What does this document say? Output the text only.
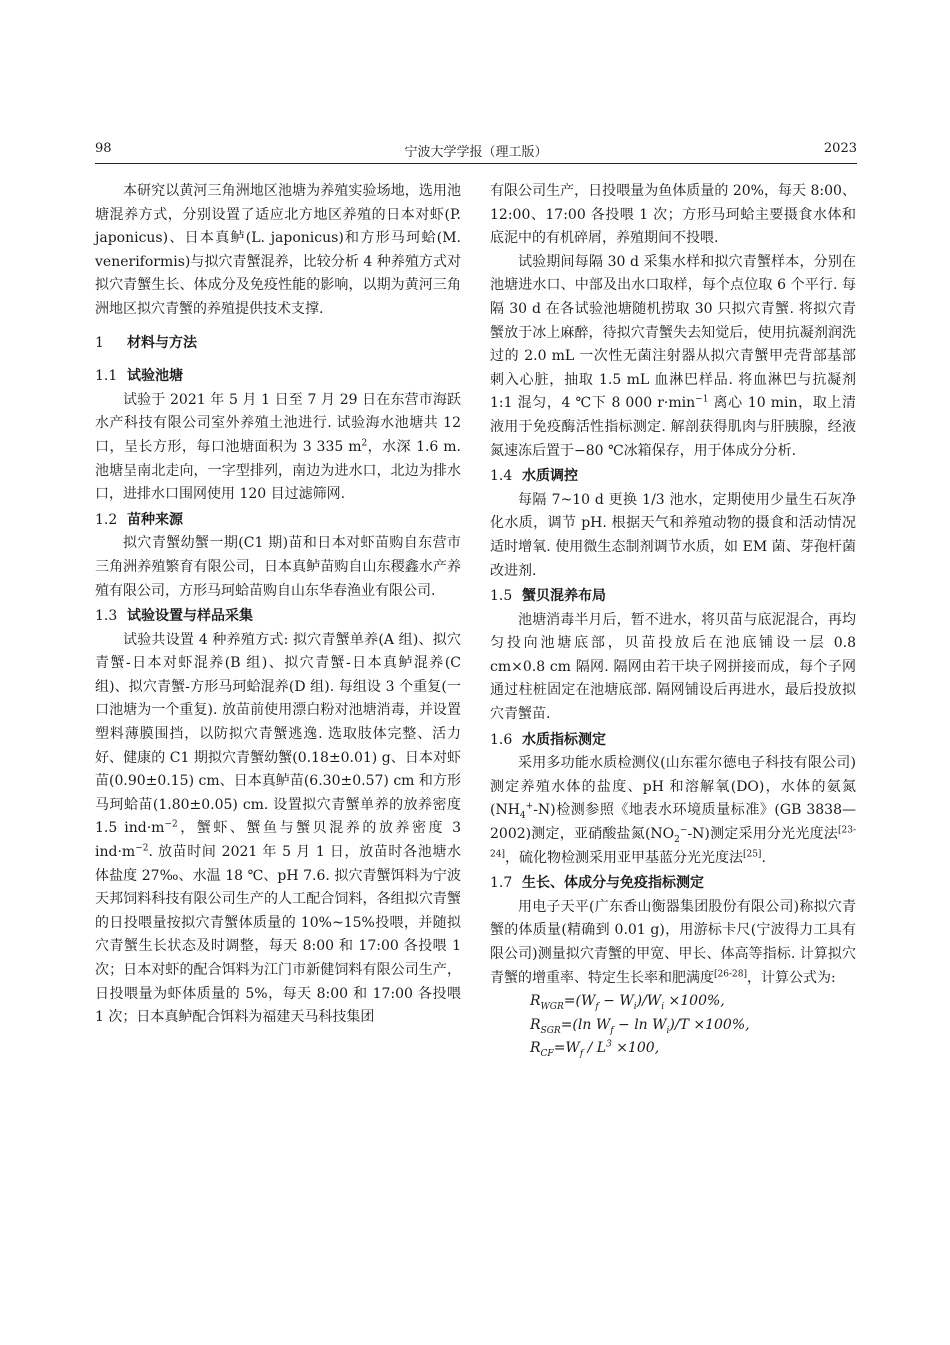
98	宁波大学学报（理工版）	2023

本研究以黄河三角洲地区池塘为养殖实验场地，选用池塘混养方式，分别设置了适应北方地区养殖的日本对虾(P. japonicus)、日本真鲈(L. japonicus)和方形马珂蛤(M. veneriformis)与拟穴青蟹混养，比较分析 4 种养殖方式对拟穴青蟹生长、体成分及免疫性能的影响，以期为黄河三角洲地区拟穴青蟹的养殖提供技术支撑.

1 材料与方法
1.1 试验池塘

试验于 2021 年 5 月 1 日至 7 月 29 日在东营市海跃水产科技有限公司室外养殖土池进行. 试验海水池塘共 12 口，呈长方形，每口池塘面积为 3 335 $m^2$，水深 1.6 m. 池塘呈南北走向，一字型排列，南边为进水口，北边为排水口，进排水口围网使用 120 目过滤筛网.

1.2 苗种来源

拟穴青蟹幼蟹一期(C1 期)苗和日本对虾苗购自东营市三角洲养殖繁育有限公司，日本真鲈苗购自山东稷鑫水产养殖有限公司，方形马珂蛤苗购自山东华春渔业有限公司.

1.3 试验设置与样品采集

试验共设置 4 种养殖方式: 拟穴青蟹单养(A 组)、拟穴青蟹-日本对虾混养(B 组)、拟穴青蟹-日本真鲈混养(C 组)、拟穴青蟹-方形马珂蛤混养(D 组). 每组设 3 个重复(一口池塘为一个重复). 放苗前使用漂白粉对池塘消毒，并设置塑料薄膜围挡，以防拟穴青蟹逃逸. 选取肢体完整、活力好、健康的 C1 期拟穴青蟹幼蟹(0.18±0.01) g、日本对虾苗(0.90±0.15) cm、日本真鲈苗(6.30±0.57) cm 和方形马珂蛤苗(1.80±0.05) cm. 设置拟穴青蟹单养的放养密度 1.5 $ind\cdot m^{-2}$，蟹虾、蟹鱼与蟹贝混养的放养密度 3 $ind\cdot m^{-2}$. 放苗时间 2021 年 5 月 1 日，放苗时各池塘水体盐度 27‰、水温 18 ℃、pH 7.6. 拟穴青蟹饵料为宁波天邦饲料科技有限公司生产的人工配合饲料，各组拟穴青蟹的日投喂量按拟穴青蟹体质量的 10%~15%投喂，并随拟穴青蟹生长状态及时调整，每天 8:00 和 17:00 各投喂 1 次；日本对虾的配合饵料为江门市新健饲料有限公司生产，日投喂量为虾体质量的 5%，每天 8:00 和 17:00 各投喂 1 次；日本真鲈配合饵料为福建天马科技集团

有限公司生产，日投喂量为鱼体质量的 20%，每天 8:00、12:00、17:00 各投喂 1 次；方形马珂蛤主要摄食水体和底泥中的有机碎屑，养殖期间不投喂.

试验期间每隔 30 d 采集水样和拟穴青蟹样本，分别在池塘进水口、中部及出水口取样，每个点位取 6 个平行. 每隔 30 d 在各试验池塘随机捞取 30 只拟穴青蟹. 将拟穴青蟹放于冰上麻醉，待拟穴青蟹失去知觉后，使用抗凝剂润洗过的 2.0 mL 一次性无菌注射器从拟穴青蟹甲壳背部基部刺入心脏，抽取 1.5 mL 血淋巴样品. 将血淋巴与抗凝剂 1:1 混匀，4 ℃下 8 000 $r\cdot\min^{-1}$ 离心 10 min，取上清液用于免疫酶活性指标测定. 解剖获得肌肉与肝胰腺，经液氮速冻后置于−80 ℃冰箱保存，用于体成分分析.

1.4 水质调控

每隔 7~10 d 更换 1/3 池水，定期使用少量生石灰净化水质，调节 pH. 根据天气和养殖动物的摄食和活动情况适时增氧. 使用微生态制剂调节水质，如 EM 菌、芽孢杆菌改进剂.

1.5 蟹贝混养布局

池塘消毒半月后，暂不进水，将贝苗与底泥混合，再均匀投向池塘底部，贝苗投放后在池底铺设一层 0.8 cm×0.8 cm 隔网. 隔网由若干块子网拼接而成，每个子网通过柱桩固定在池塘底部. 隔网铺设后再进水，最后投放拟穴青蟹苗.

1.6 水质指标测定

采用多功能水质检测仪(山东霍尔德电子科技有限公司)测定养殖水体的盐度、pH 和溶解氧(DO)，水体的氨氮$(NH_4^+-N)$检测参照《地表水环境质量标准》(GB 3838—2002)测定，亚硝酸盐氮$(NO_2^--N)$测定采用分光光度法[23-24]，硫化物检测采用亚甲基蓝分光光度法[25].

1.7 生长、体成分与免疫指标测定

用电子天平(广东香山衡器集团股份有限公司)称拟穴青蟹的体质量(精确到 0.01 g)，用游标卡尺(宁波得力工具有限公司)测量拟穴青蟹的甲宽、甲长、体高等指标. 计算拟穴青蟹的增重率、特定生长率和肥满度[26-28]，计算公式为:

$R_{WGR}=(W_f - W_i)/W_i \times 100\%$,

$R_{SGR}=(\ln$ $W_f - \ln W_i)/T \times 100\%$,

$R_{CF}=W_f / L^3 \times 100$,
